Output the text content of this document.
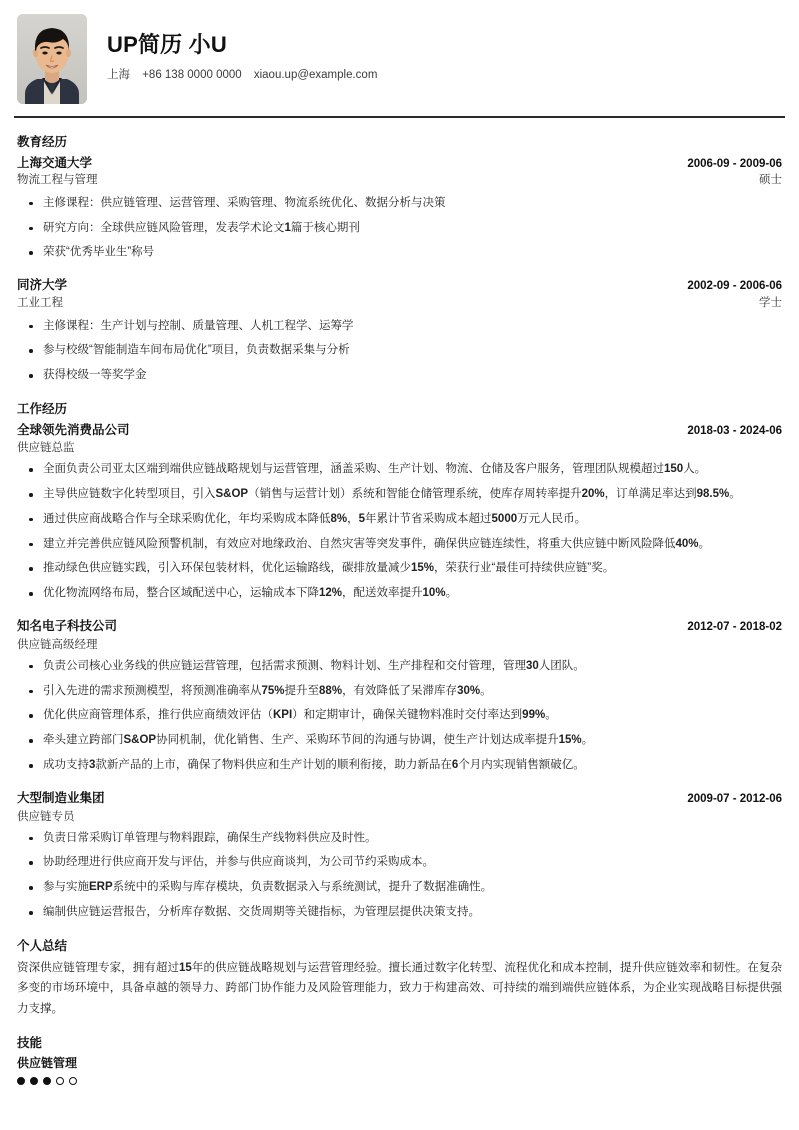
UP简历 小U
上海 +86 138 0000 0000 xiaou.up@example.com
教育经历
上海交通大学	2006-09 - 2009-06
物流工程与管理	硕士
主修课程：供应链管理、运营管理、采购管理、物流系统优化、数据分析与决策
研究方向：全球供应链风险管理，发表学术论文1篇于核心期刊
荣获“优秀毕业生”称号
同济大学	2002-09 - 2006-06
工业工程	学士
主修课程：生产计划与控制、质量管理、人机工程学、运筹学
参与校级“智能制造车间布局优化”项目，负责数据采集与分析
获得校级一等奖学金
工作经历
全球领先消费品公司	2018-03 - 2024-06
供应链总监
全面负责公司亚太区端到端供应链战略规划与运营管理，涵盖采购、生产计划、物流、仓储及客户服务，管理团队规模超过150人。
主导供应链数字化转型项目，引入S&OP（销售与运营计划）系统和智能仓储管理系统，使库存周转率提升20%，订单满足率达到98.5%。
通过供应商战略合作与全球采购优化，年均采购成本降低8%，5年累计节省采购成本超过5000万元人民币。
建立并完善供应链风险预警机制，有效应对地缘政治、自然灾害等突发事件，确保供应链连续性，将重大供应链中断风险降低40%。
推动绿色供应链实践，引入环保包装材料，优化运输路线，碳排放量减少15%，荣获行业“最佳可持续供应链”奖。
优化物流网络布局，整合区域配送中心，运输成本下降12%，配送效率提升10%。
知名电子科技公司	2012-07 - 2018-02
供应链高级经理
负责公司核心业务线的供应链运营管理，包括需求预测、物料计划、生产排程和交付管理，管理30人团队。
引入先进的需求预测模型，将预测准确率从75%提升至88%，有效降低了呆滞库存30%。
优化供应商管理体系，推行供应商绩效评估（KPI）和定期审计，确保关键物料准时交付率达到99%。
牵头建立跨部门S&OP协同机制，优化销售、生产、采购环节间的沟通与协调，使生产计划达成率提升15%。
成功支持3款新产品的上市，确保了物料供应和生产计划的顺利衔接，助力新品在6个月内实现销售额破亿。
大型制造业集团	2009-07 - 2012-06
供应链专员
负责日常采购订单管理与物料跟踪，确保生产线物料供应及时性。
协助经理进行供应商开发与评估，并参与供应商谈判，为公司节约采购成本。
参与实施ERP系统中的采购与库存模块，负责数据录入与系统测试，提升了数据准确性。
编制供应链运营报告，分析库存数据、交货周期等关键指标，为管理层提供决策支持。
个人总结
资深供应链管理专家，拥有超过15年的供应链战略规划与运营管理经验。擅长通过数字化转型、流程优化和成本控制，提升供应链效率和韧性。在复杂多变的市场环境中，具备卓越的领导力、跨部门协作能力及风险管理能力，致力于构建高效、可持续的端到端供应链体系，为企业实现战略目标提供强力支撑。
技能
供应链管理
